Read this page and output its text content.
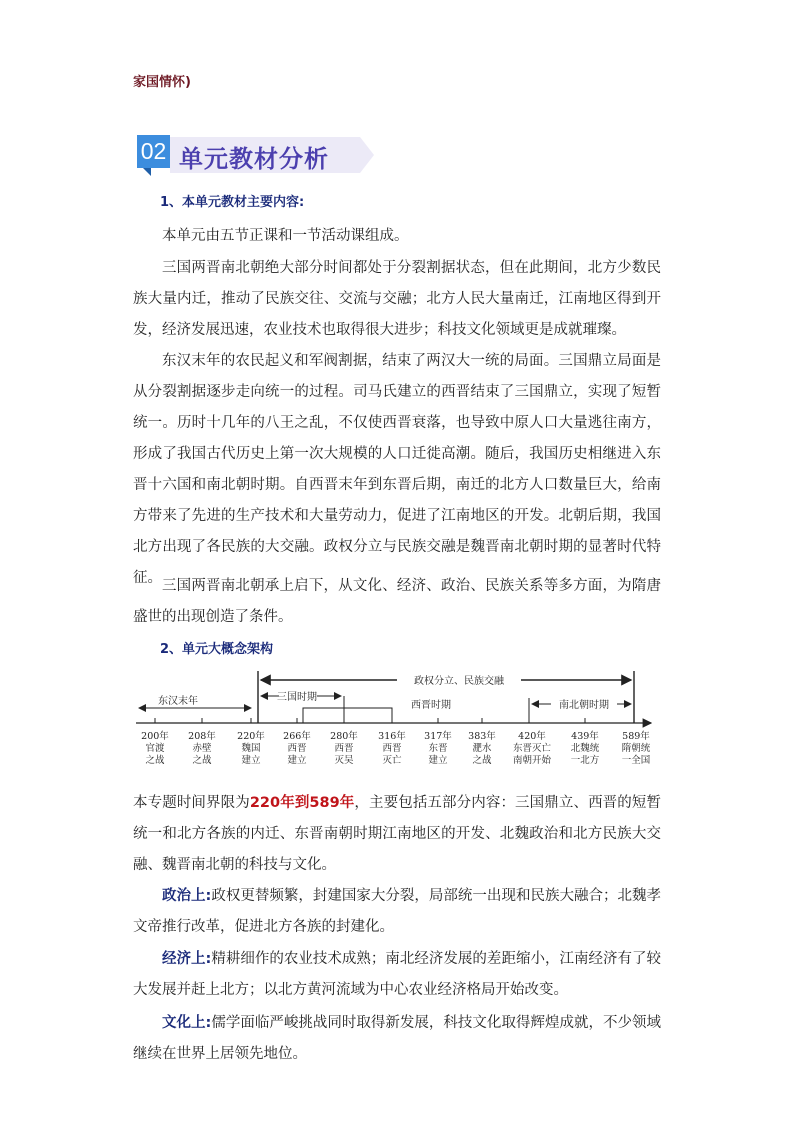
家国情怀)
02 单元教材分析
1、本单元教材主要内容:
本单元由五节正课和一节活动课组成。
三国两晋南北朝绝大部分时间都处于分裂割据状态，但在此期间，北方少数民族大量内迁，推动了民族交往、交流与交融；北方人民大量南迁，江南地区得到开发，经济发展迅速，农业技术也取得很大进步；科技文化领域更是成就璀璨。
东汉末年的农民起义和军阀割据，结束了两汉大一统的局面。三国鼎立局面是从分裂割据逐步走向统一的过程。司马氏建立的西晋结束了三国鼎立，实现了短暂统一。历时十几年的八王之乱，不仅使西晋衰落，也导致中原人口大量逃往南方，形成了我国古代历史上第一次大规模的人口迁徙高潮。随后，我国历史相继进入东晋十六国和南北朝时期。自西晋末年到东晋后期，南迁的北方人口数量巨大，给南方带来了先进的生产技术和大量劳动力，促进了江南地区的开发。北朝后期，我国北方出现了各民族的大交融。政权分立与民族交融是魏晋南北朝时期的显著时代特征。 三国两晋南北朝承上启下，从文化、经济、政治、民族关系等多方面，为隋唐盛世的出现创造了条件。
2、单元大概念架构
政权分立、民族交融
东汉末年	三国时期
西晋时期	南北朝时期
200年
官渡
之战
208年
赤壁
之战
220年
魏国
建立
266年
西晋
建立
280年
西晋
灭吴
316年
西晋
灭亡
317年
东晋
建立
383年
淝水
之战
420年
东晋灭亡
南朝开始
439年
北魏统
一北方
589年
隋朝统
一全国
本专题时间界限为220年到589年，主要包括五部分内容：三国鼎立、西晋的短暂统一和北方各族的内迁、东晋南朝时期江南地区的开发、北魏政治和北方民族大交融、魏晋南北朝的科技与文化。
政治上:政权更替频繁，封建国家大分裂，局部统一出现和民族大融合；北魏孝文帝推行改革，促进北方各族的封建化。
经济上:精耕细作的农业技术成熟；南北经济发展的差距缩小，江南经济有了较大发展并赶上北方；以北方黄河流域为中心农业经济格局开始改变。
文化上:儒学面临严峻挑战同时取得新发展，科技文化取得辉煌成就，不少领域继续在世界上居领先地位。
